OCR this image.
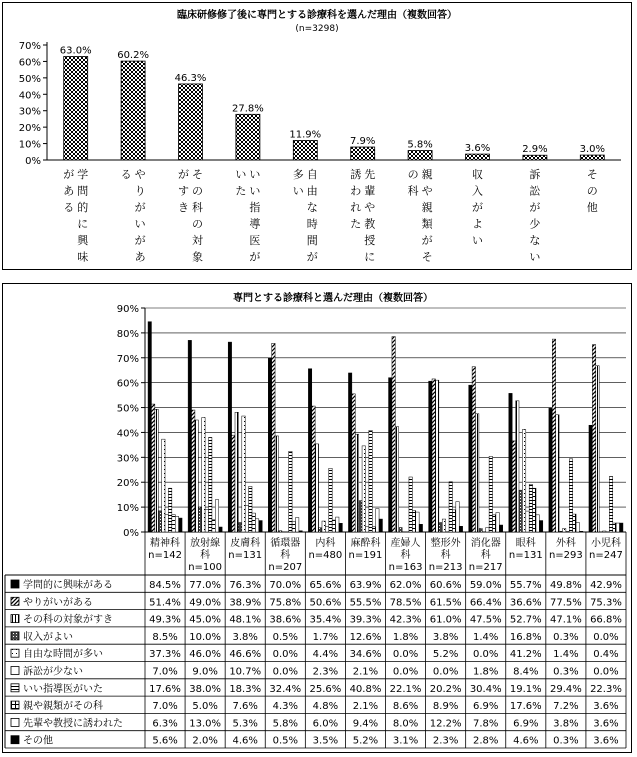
臨床研修修了後に専門とする診療科を選んだ理由（複数回答）
(n=3298)
0%
10%
20%
30%
40%
50%
60%
70% 63.0%
学問的に興味がある
60.2%
やりがいがある
46.3%
その科の対象がすき
27.8%
いい指導医がいた
11.9%
自由な時間が多い
7.9%
先輩や教授に誘われた
5.8%
親や親類がその科
3.6%
収入がよい
2.9%
訴訟が少ない
3.0%
その他
専門とする診療科と選んだ理由（複数回答）
0%
10%
20%
30%
40%
50%
60%
70%
80%
90%
精神科
n=142
放射線科
n=100
皮膚科
n=131
循環器科
n=207
内科
n=480
麻酔科
n=191
産婦人科
n=163
整形外科
n=213
消化器科
n=217
眼科
n=131
外科
n=293
小児科
n=247
学問的に興味がある	84.5% 77.0% 76.3% 70.0% 65.6% 63.9% 62.0% 60.6% 59.0% 55.7% 49.8% 42.9%
やりがいがある	51.4% 49.0% 38.9% 75.8% 50.6% 55.5% 78.5% 61.5% 66.4% 36.6% 77.5% 75.3%
その科の対象がすき	49.3% 45.0% 48.1% 38.6% 35.4% 39.3% 42.3% 61.0% 47.5% 52.7% 47.1% 66.8%
収入がよい	8.5% 10.0% 3.8% 0.5% 1.7% 12.6% 1.8% 3.8% 1.4% 16.8% 0.3% 0.0%
自由な時間が多い	37.3% 46.0% 46.6% 0.0% 4.4% 34.6% 0.0% 5.2% 0.0% 41.2% 1.4% 0.4%
訴訟が少ない	7.0% 9.0% 10.7% 0.0% 2.3% 2.1% 0.0% 0.0% 1.8% 8.4% 0.3% 0.0%
いい指導医がいた	17.6% 38.0% 18.3% 32.4% 25.6% 40.8% 22.1% 20.2% 30.4% 19.1% 29.4% 22.3%
親や親類がその科	7.0% 5.0% 7.6% 4.3% 4.8% 2.1% 8.6% 8.9% 6.9% 17.6% 7.2% 3.6%
先輩や教授に誘われた	6.3% 13.0% 5.3% 5.8% 6.0% 9.4% 8.0% 12.2% 7.8% 6.9% 3.8% 3.6%
その他	5.6% 2.0% 4.6% 0.5% 3.5% 5.2% 3.1% 2.3% 2.8% 4.6% 0.3% 3.6%
